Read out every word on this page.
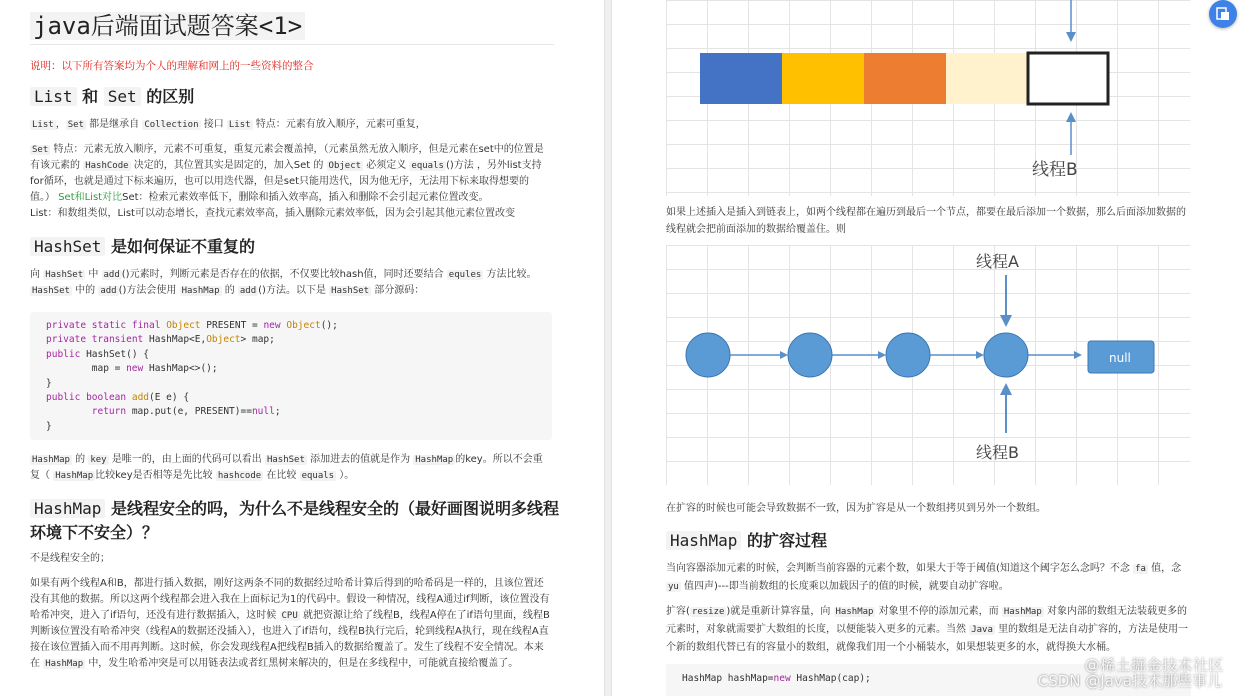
java后端面试题答案<1>
说明：以下所有答案均为个人的理解和网上的一些资料的整合
List 和 Set 的区别
List ， Set 都是继承自 Collection 接口 List 特点：元素有放入顺序，元素可重复，
Set 特点：元素无放入顺序，元素不可重复，重复元素会覆盖掉，（元素虽然无放入顺序，但是元素在set中的位置是有该元素的 HashCode 决定的，其位置其实是固定的，加入Set 的 Object 必须定义 equals ()方法 ，另外list支持for循环，也就是通过下标来遍历，也可以用迭代器，但是set只能用迭代，因为他无序，无法用下标来取得想要的值。） Set和List对比Set：检索元素效率低下，删除和插入效率高，插入和删除不会引起元素位置改变。
List：和数组类似，List可以动态增长，查找元素效率高，插入删除元素效率低，因为会引起其他元素位置改变
HashSet 是如何保证不重复的
向 HashSet 中 add ()元素时，判断元素是否存在的依据，不仅要比较hash值，同时还要结合 equles 方法比较。
HashSet 中的 add ()方法会使用 HashMap 的 add ()方法。以下是 HashSet 部分源码：
private static final Object PRESENT = new Object();
private transient HashMap<E,Object> map;
public HashSet() {
map = new HashMap<>();
}
public boolean add(E e) {
return map.put(e, PRESENT)==null;
}
HashMap 的 key 是唯一的，由上面的代码可以看出 HashSet 添加进去的值就是作为 HashMap 的key。所以不会重复（ HashMap 比较key是否相等是先比较 hashcode 在比较 equals ）。
HashMap 是线程安全的吗，为什么不是线程安全的（最好画图说明多线程环境下不安全）？
不是线程安全的；
如果有两个线程A和B，都进行插入数据，刚好这两条不同的数据经过哈希计算后得到的哈希码是一样的，且该位置还没有其他的数据。所以这两个线程都会进入我在上面标记为1的代码中。假设一种情况，线程A通过if判断，该位置没有哈希冲突，进入了if语句，还没有进行数据插入，这时候 CPU 就把资源让给了线程B，线程A停在了if语句里面，线程B判断该位置没有哈希冲突（线程A的数据还没插入），也进入了if语句，线程B执行完后，轮到线程A执行，现在线程A直接在该位置插入而不用再判断。这时候，你会发现线程A把线程B插入的数据给覆盖了。发生了线程不安全情况。本来在 HashMap 中，发生哈希冲突是可以用链表法或者红黑树来解决的，但是在多线程中，可能就直接给覆盖了。
线程B
如果上述插入是插入到链表上，如两个线程都在遍历到最后一个节点，都要在最后添加一个数据，那么后面添加数据的线程就会把前面添加的数据给覆盖住。则
线程A
null
线程B
在扩容的时候也可能会导致数据不一致，因为扩容是从一个数组拷贝到另外一个数组。
HashMap 的扩容过程
当向容器添加元素的时候，会判断当前容器的元素个数，如果大于等于阈值(知道这个阈字怎么念吗？不念 fa 值，念 yu 值四声)---即当前数组的长度乘以加载因子的值的时候，就要自动扩容啦。
扩容( resize )就是重新计算容量，向 HashMap 对象里不停的添加元素，而 HashMap 对象内部的数组无法装载更多的元素时，对象就需要扩大数组的长度，以便能装入更多的元素。当然 Java 里的数组是无法自动扩容的，方法是使用一个新的数组代替已有的容量小的数组，就像我们用一个小桶装水，如果想装更多的水，就得换大水桶。
HashMap hashMap=new HashMap(cap);
@稀土掘金技术社区
CSDN @Java技术那些事儿
